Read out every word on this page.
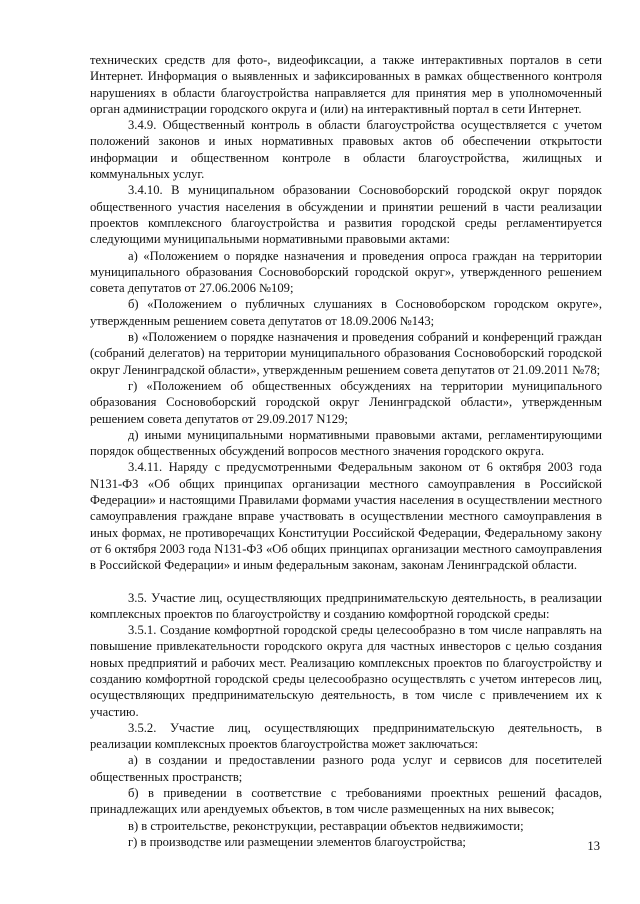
технических средств для фото-, видеофиксации, а также интерактивных порталов в сети Интернет. Информация о выявленных и зафиксированных в рамках общественного контроля нарушениях в области благоустройства направляется для принятия мер в уполномоченный орган администрации городского округа и (или) на интерактивный портал в сети Интернет.

3.4.9. Общественный контроль в области благоустройства осуществляется с учетом положений законов и иных нормативных правовых актов об обеспечении открытости информации и общественном контроле в области благоустройства, жилищных и коммунальных услуг.

3.4.10. В муниципальном образовании Сосновоборский городской округ порядок общественного участия населения в обсуждении и принятии решений в части реализации проектов комплексного благоустройства и развития городской среды регламентируется следующими муниципальными нормативными правовыми актами:

а) «Положением о порядке назначения и проведения опроса граждан на территории муниципального образования Сосновоборский городской округ», утвержденного решением совета депутатов от 27.06.2006 №109;

б) «Положением о публичных слушаниях в Сосновоборском городском округе», утвержденным решением совета депутатов от 18.09.2006 №143;

в) «Положением о порядке назначения и проведения собраний и конференций граждан (собраний делегатов) на территории муниципального образования Сосновоборский городской округ Ленинградской области», утвержденным решением совета депутатов от 21.09.2011 №78;

г) «Положением об общественных обсуждениях на территории муниципального образования Сосновоборский городской округ Ленинградской области», утвержденным решением совета депутатов от 29.09.2017 N129;

д) иными муниципальными нормативными правовыми актами, регламентирующими порядок общественных обсуждений вопросов местного значения городского округа.

3.4.11. Наряду с предусмотренными Федеральным законом от 6 октября 2003 года N131-ФЗ «Об общих принципах организации местного самоуправления в Российской Федерации» и настоящими Правилами формами участия населения в осуществлении местного самоуправления граждане вправе участвовать в осуществлении местного самоуправления в иных формах, не противоречащих Конституции Российской Федерации, Федеральному закону от 6 октября 2003 года N131-ФЗ «Об общих принципах организации местного самоуправления в Российской Федерации» и иным федеральным законам, законам Ленинградской области.

3.5. Участие лиц, осуществляющих предпринимательскую деятельность, в реализации комплексных проектов по благоустройству и созданию комфортной городской среды:

3.5.1. Создание комфортной городской среды целесообразно в том числе направлять на повышение привлекательности городского округа для частных инвесторов с целью создания новых предприятий и рабочих мест. Реализацию комплексных проектов по благоустройству и созданию комфортной городской среды целесообразно осуществлять с учетом интересов лиц, осуществляющих предпринимательскую деятельность, в том числе с привлечением их к участию.

3.5.2. Участие лиц, осуществляющих предпринимательскую деятельность, в реализации комплексных проектов благоустройства может заключаться:

а) в создании и предоставлении разного рода услуг и сервисов для посетителей общественных пространств;

б) в приведении в соответствие с требованиями проектных решений фасадов, принадлежащих или арендуемых объектов, в том числе размещенных на них вывесок;

в) в строительстве, реконструкции, реставрации объектов недвижимости;

г) в производстве или размещении элементов благоустройства;	13
